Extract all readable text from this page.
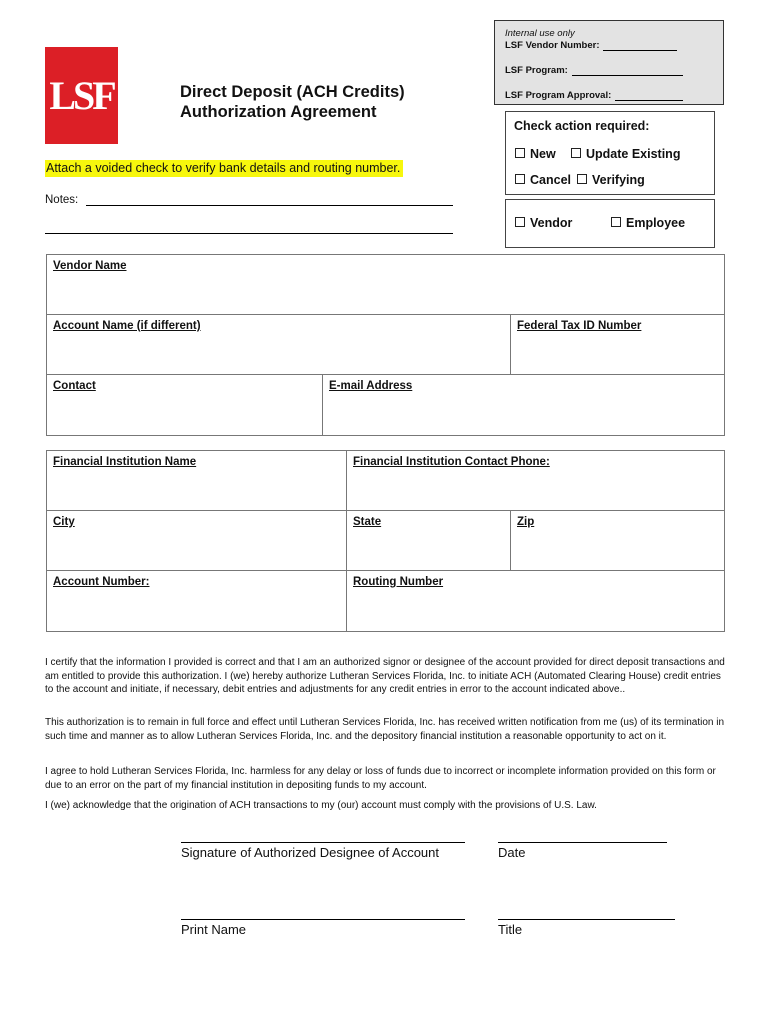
LSF	Direct Deposit (ACH Credits)
Authorization Agreement
Internal use only
LSF Vendor Number:
LSF Program:
LSF Program Approval:
Check action required:
New	Update Existing
Cancel	Verifying
Vendor	Employee
Attach a voided check to verify bank details and routing number.
Notes:
Vendor Name
Account Name (if different)	Federal Tax ID Number
Contact	E-mail Address
Financial Institution Name	Financial Institution Contact Phone:
City	State	Zip
Account Number:	Routing Number
I certify that the information I provided is correct and that I am an authorized signor or designee of the account provided for direct deposit transactions and am entitled to provide this authorization. I (we) hereby authorize Lutheran Services Florida, Inc. to initiate ACH (Automated Clearing House) credit entries to the account and initiate, if necessary, debit entries and adjustments for any credit entries in error to the account indicated above..
This authorization is to remain in full force and effect until Lutheran Services Florida, Inc. has received written notification from me (us) of its termination in such time and manner as to allow Lutheran Services Florida, Inc. and the depository financial institution a reasonable opportunity to act on it.
I agree to hold Lutheran Services Florida, Inc. harmless for any delay or loss of funds due to incorrect or incomplete information provided on this form or due to an error on the part of my financial institution in depositing funds to my account.
I (we) acknowledge that the origination of ACH transactions to my (our) account must comply with the provisions of U.S. Law.
Signature of Authorized Designee of Account	Date
Print Name	Title
